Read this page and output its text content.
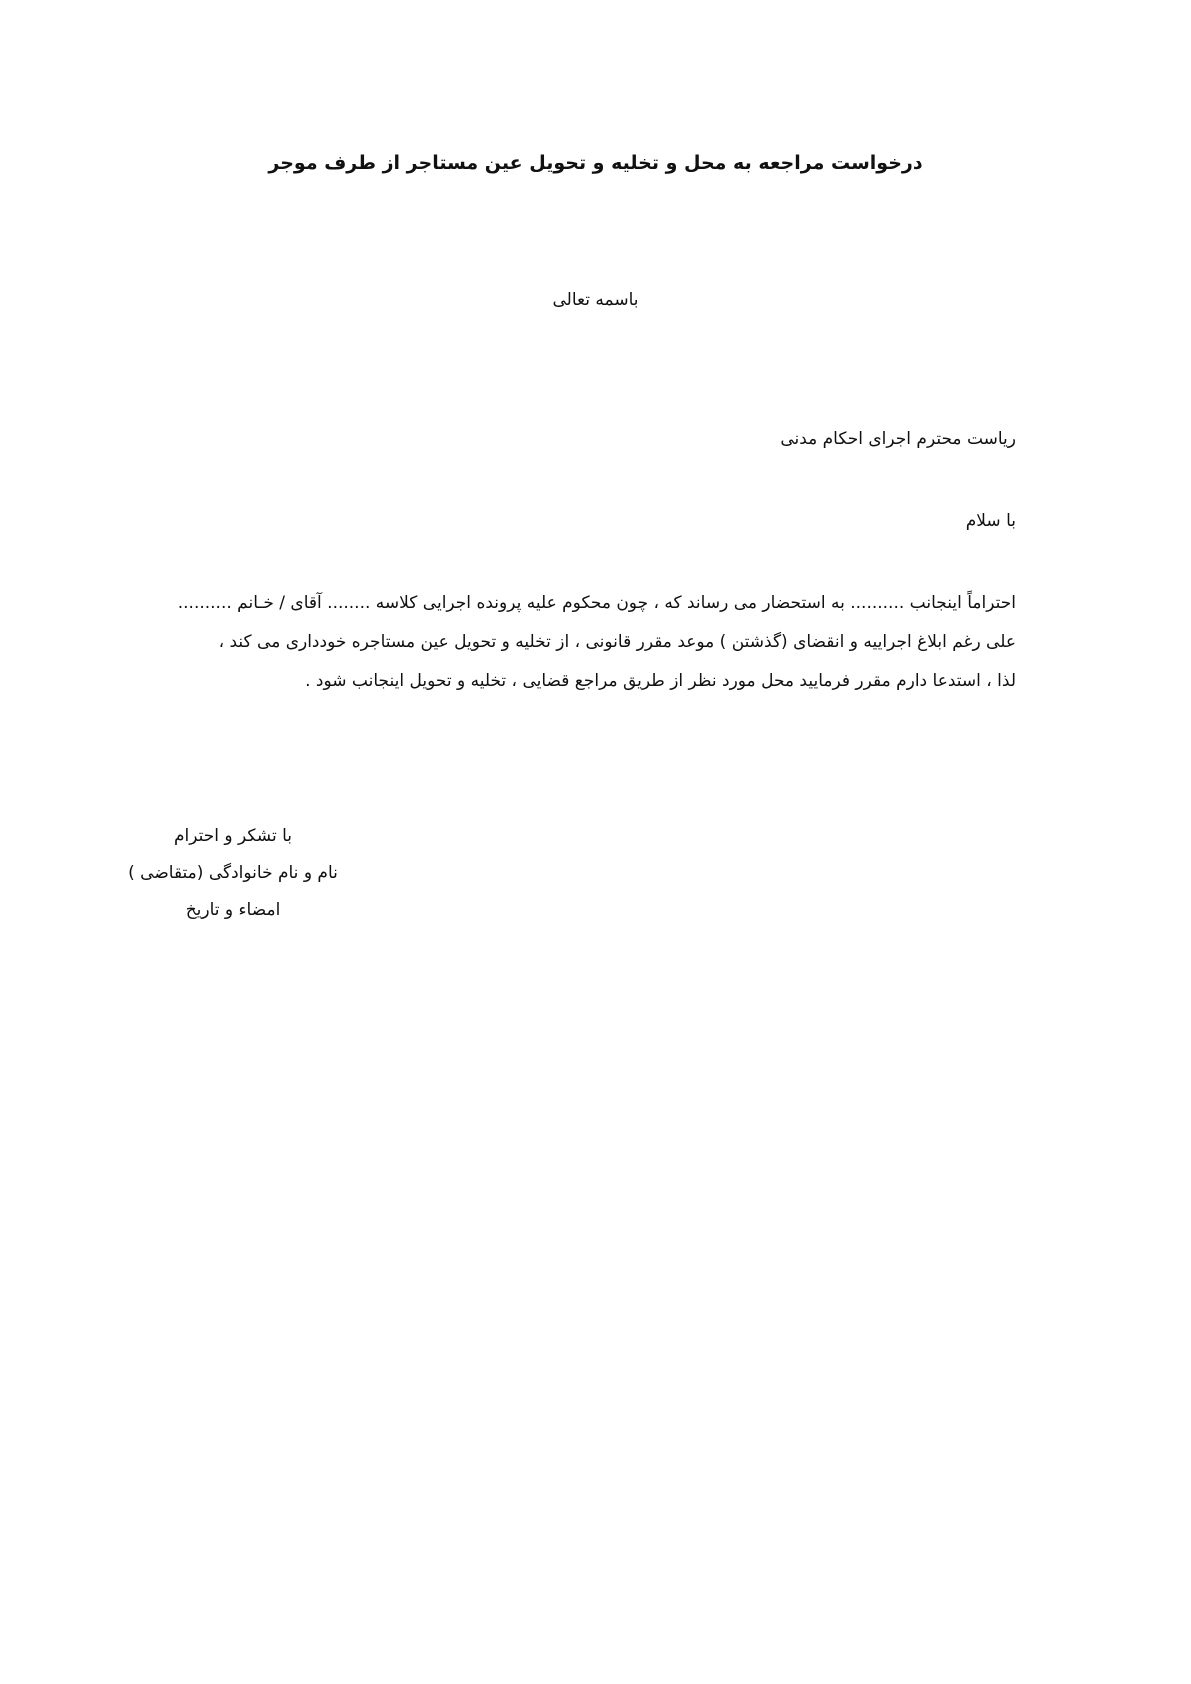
درخواست مراجعه به محل و تخلیه و تحویل عین مستاجر از طرف موجر
باسمه تعالی
ریاست محترم اجرای احکام مدنی
با سلام
احتراماً اینجانب .......... به استحضار می رساند که ، چون محکوم علیه پرونده اجرایی کلاسه ........ آقای / خـانم ..........
علی رغم ابلاغ اجراییه و انقضای (گذشتن ) موعد مقرر قانونی ، از تخلیه و تحویل عین مستاجره خودداری می کند ،
لذا ، استدعا دارم مقرر فرمایید محل مورد نظر از طریق مراجع قضایی ، تخلیه و تحویل اینجانب شود .
با تشکر و احترام
نام و نام خانوادگی (متقاضی )
امضاء و تاریخ
